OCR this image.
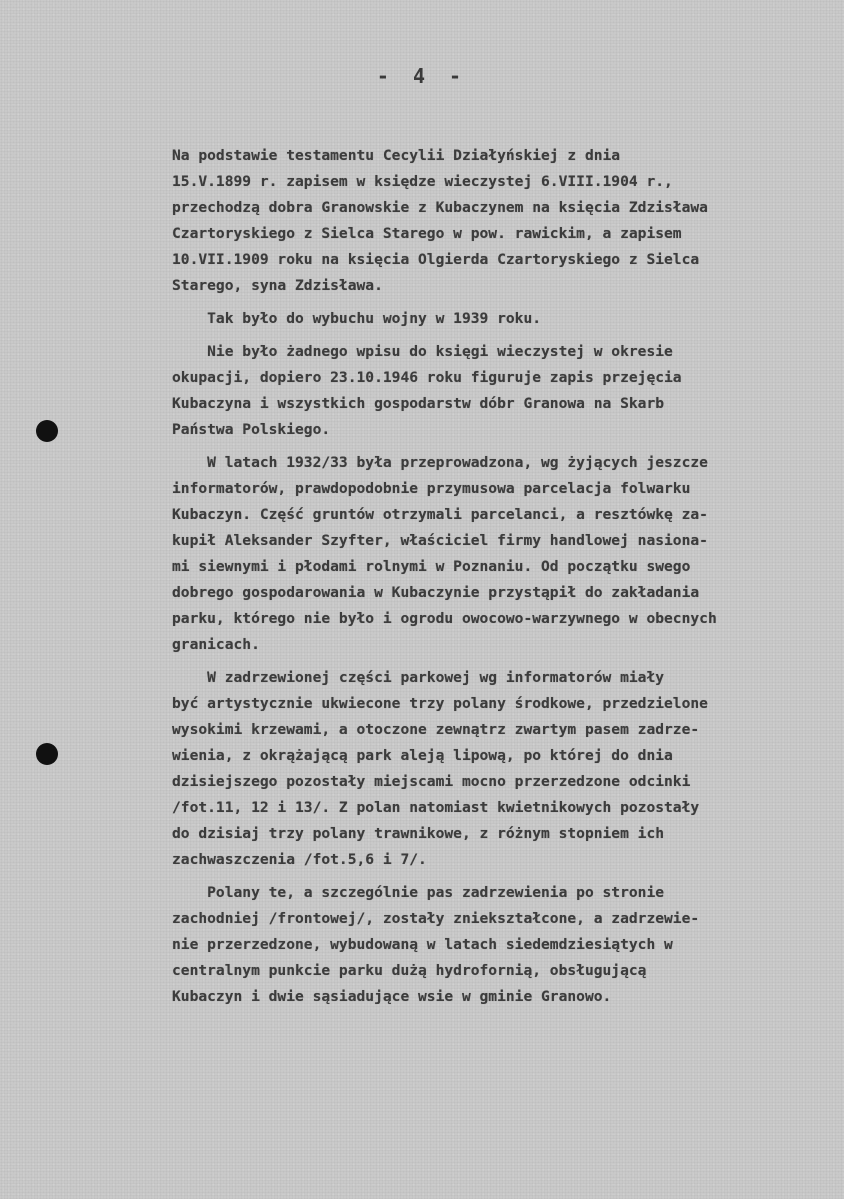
- 4 -
Na podstawie testamentu Cecylii Działyńskiej z dnia
15.V.1899 r. zapisem w księdze wieczystej 6.VIII.1904 r.,
przechodzą dobra Granowskie z Kubaczynem na księcia Zdzisława
Czartoryskiego z Sielca Starego w pow. rawickim, a zapisem
10.VII.1909 roku na księcia Olgierda Czartoryskiego z Sielca
Starego, syna Zdzisława.
Tak było do wybuchu wojny w 1939 roku.
Nie było żadnego wpisu do księgi wieczystej w okresie
okupacji, dopiero 23.10.1946 roku figuruje zapis przejęcia
Kubaczyna i wszystkich gospodarstw dóbr Granowa na Skarb
Państwa Polskiego.
W latach 1932/33 była przeprowadzona, wg żyjących jeszcze
informatorów, prawdopodobnie przymusowa parcelacja folwarku
Kubaczyn. Część gruntów otrzymali parcelanci, a resztówkę za-
kupił Aleksander Szyfter, właściciel firmy handlowej nasiona-
mi siewnymi i płodami rolnymi w Poznaniu. Od początku swego
dobrego gospodarowania w Kubaczynie przystąpił do zakładania
parku, którego nie było i ogrodu owocowo-warzywnego w obecnych
granicach.
W zadrzewionej części parkowej wg informatorów miały
być artystycznie ukwiecone trzy polany środkowe, przedzielone
wysokimi krzewami, a otoczone zewnątrz zwartym pasem zadrze-
wienia, z okrążającą park aleją lipową, po której do dnia
dzisiejszego pozostały miejscami mocno przerzedzone odcinki
/fot.11, 12 i 13/. Z polan natomiast kwietnikowych pozostały
do dzisiaj trzy polany trawnikowe, z różnym stopniem ich
zachwaszczenia /fot.5,6 i 7/.
Polany te, a szczególnie pas zadrzewienia po stronie
zachodniej /frontowej/, zostały zniekształcone, a zadrzewie-
nie przerzedzone, wybudowaną w latach siedemdziesiątych w
centralnym punkcie parku dużą hydrofornią, obsługującą
Kubaczyn i dwie sąsiadujące wsie w gminie Granowo.
